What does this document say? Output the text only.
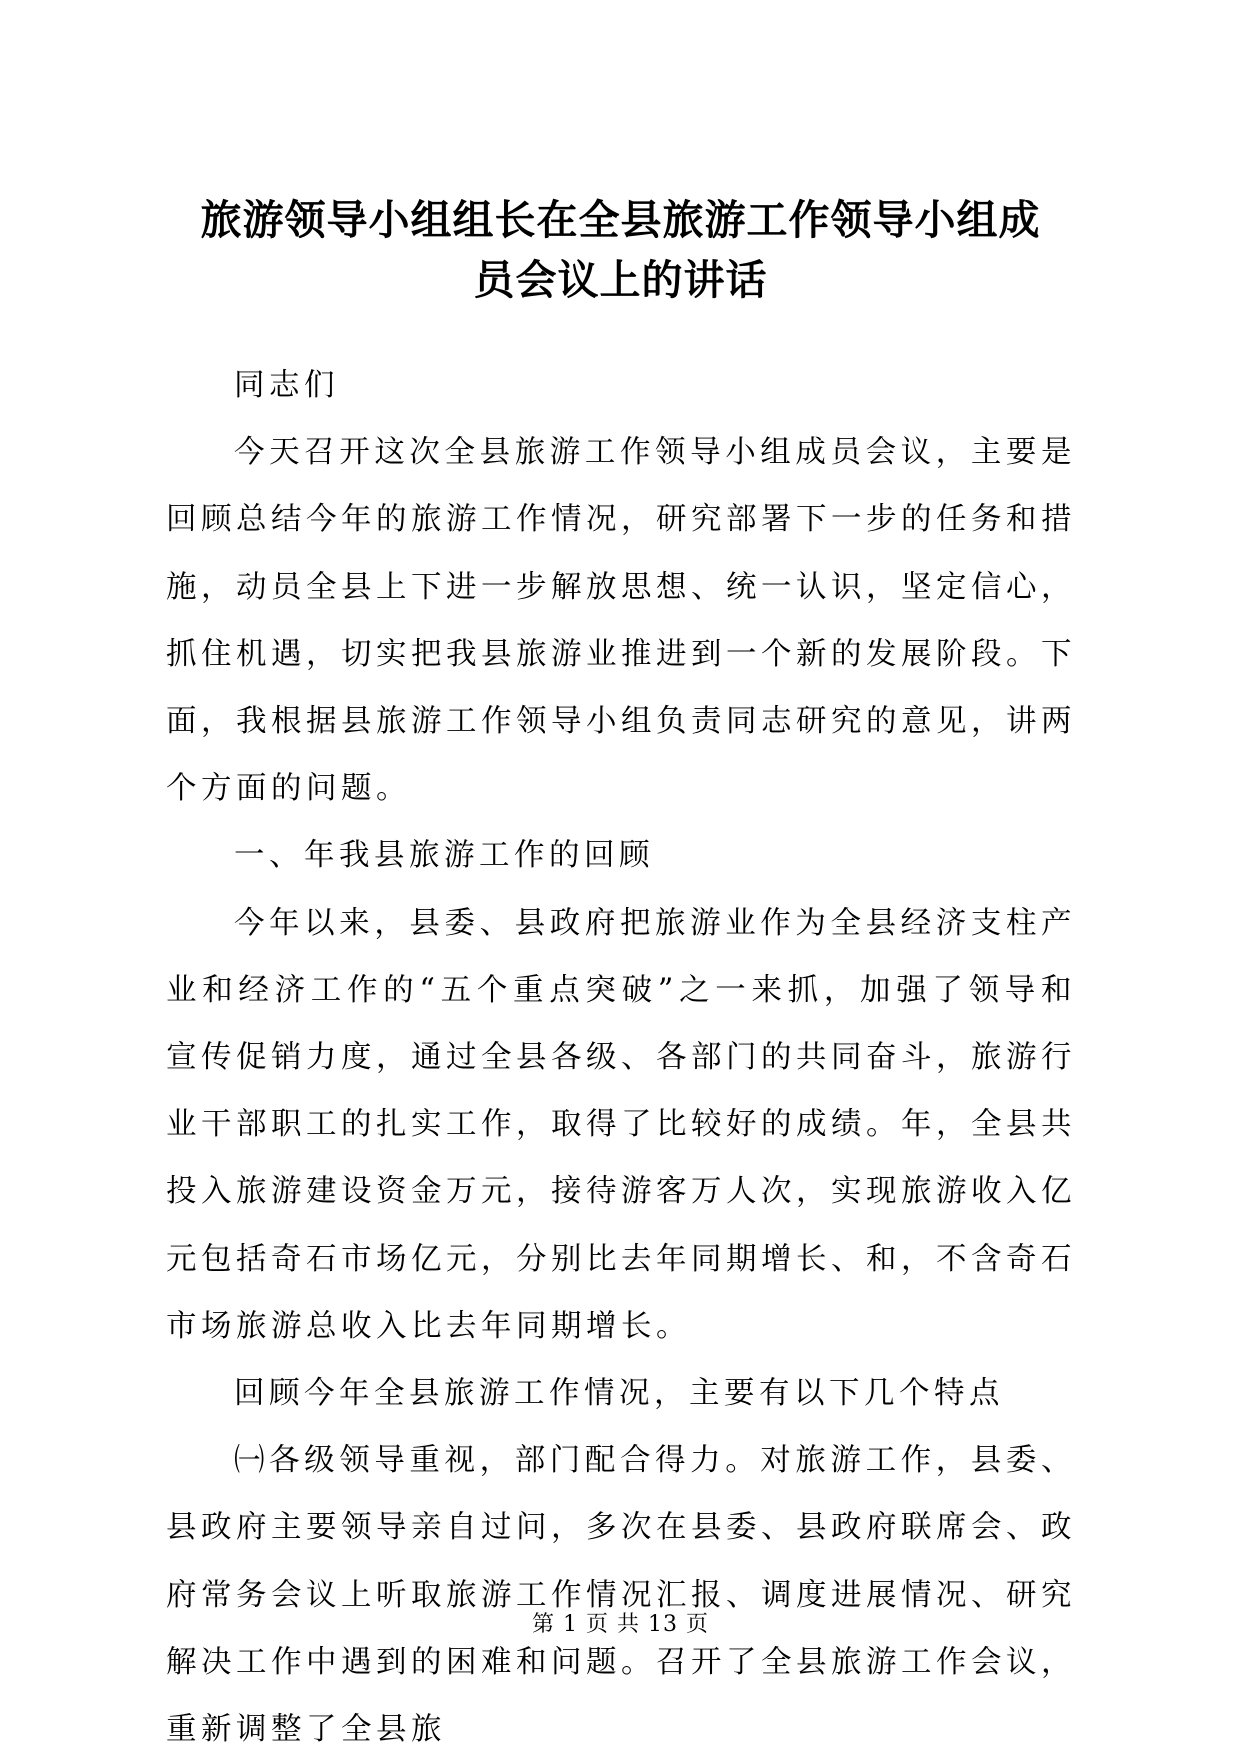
旅游领导小组组长在全县旅游工作领导小组成
员会议上的讲话

同志们

今天召开这次全县旅游工作领导小组成员会议，主要是回顾总结今年的旅游工作情况，研究部署下一步的任务和措施，动员全县上下进一步解放思想、统一认识，坚定信心，抓住机遇，切实把我县旅游业推进到一个新的发展阶段。下面，我根据县旅游工作领导小组负责同志研究的意见，讲两个方面的问题。

一、年我县旅游工作的回顾

今年以来，县委、县政府把旅游业作为全县经济支柱产业和经济工作的“五个重点突破”之一来抓，加强了领导和宣传促销力度，通过全县各级、各部门的共同奋斗，旅游行业干部职工的扎实工作，取得了比较好的成绩。年，全县共投入旅游建设资金万元，接待游客万人次，实现旅游收入亿元包括奇石市场亿元，分别比去年同期增长、和，不含奇石市场旅游总收入比去年同期增长。

回顾今年全县旅游工作情况，主要有以下几个特点

㈠各级领导重视，部门配合得力。对旅游工作，县委、县政府主要领导亲自过问，多次在县委、县政府联席会、政府常务会议上听取旅游工作情况汇报、调度进展情况、研究解决工作中遇到的困难和问题。召开了全县旅游工作会议，重新调整了全县旅

第 1 页 共 13 页
